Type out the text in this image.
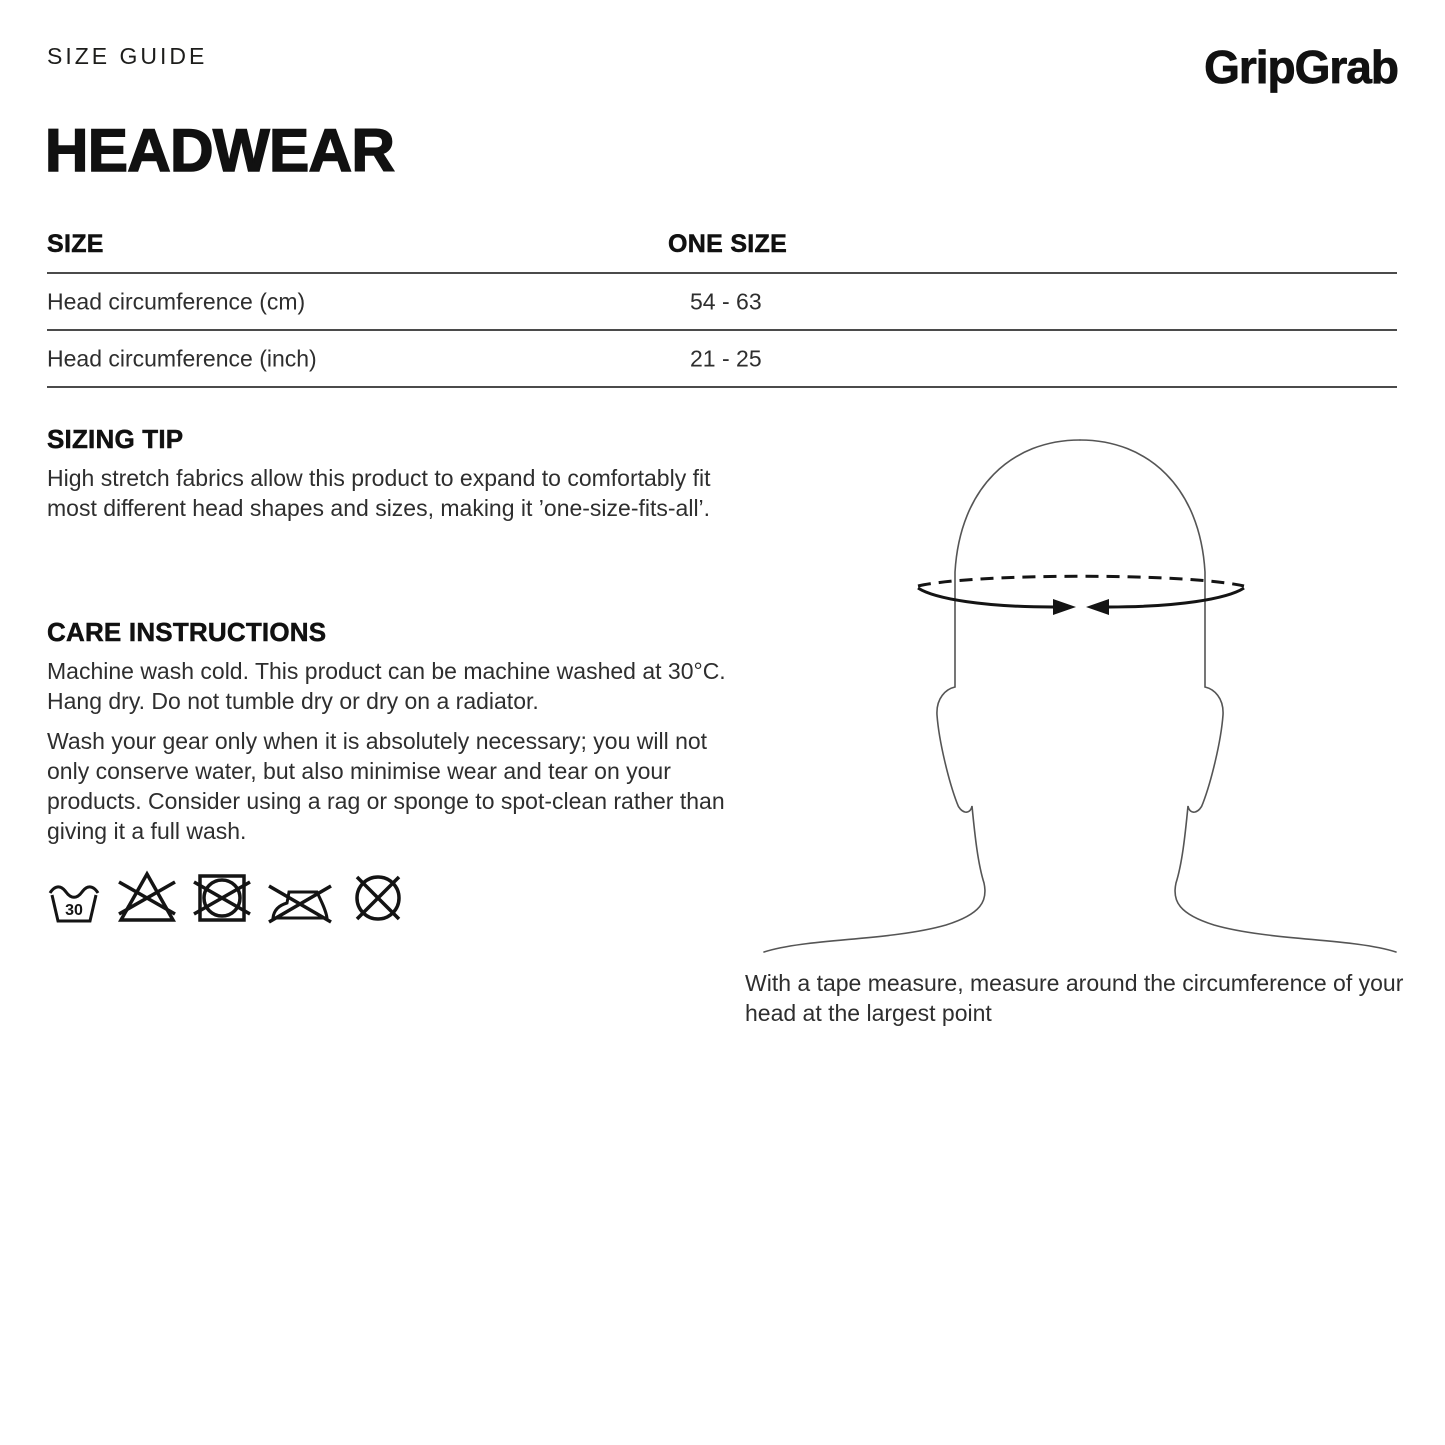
SIZE GUIDE	GripGrab
HEADWEAR
SIZE	ONE SIZE
Head circumference (cm)	54 - 63
Head circumference (inch)	21 - 25
SIZING TIP

High stretch fabrics allow this product to expand to comfortably fit most different head shapes and sizes, making it ’one-size-fits-all’.

CARE INSTRUCTIONS

Machine wash cold. This product can be machine washed at 30°C. Hang dry. Do not tumble dry or dry on a radiator.

Wash your gear only when it is absolutely necessary; you will not only conserve water, but also minimise wear and tear on your products. Consider using a rag or sponge to spot-clean rather than giving it a full wash.

30

With a tape measure, measure around the circumference of your head at the largest point
